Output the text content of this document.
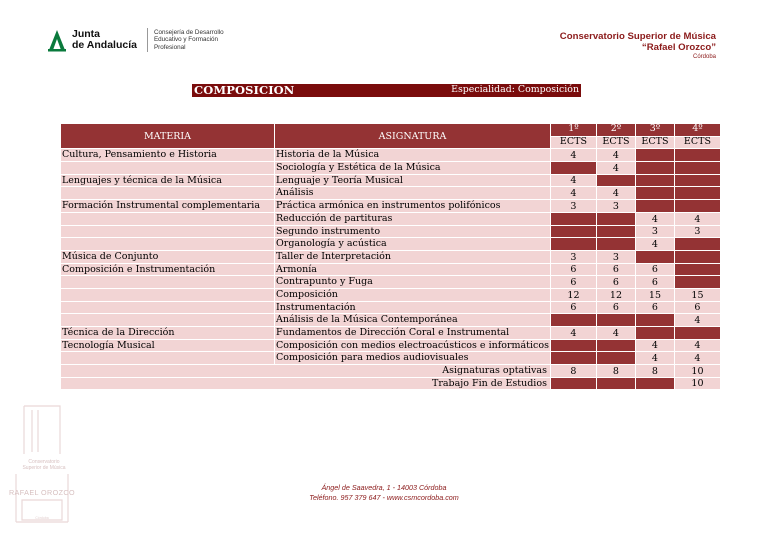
Junta
de Andalucía
Consejería de Desarrollo
Educativo y Formación
Profesional
Conservatorio Superior de Música
“Rafael Orozco”
Córdoba
COMPOSICION	Especialidad: Composición
MATERIA	ASIGNATURA	1º	2º	3º	4º
		ECTS	ECTS	ECTS	ECTS
Cultura, Pensamiento e Historia	Historia de la Música	4	4		
	Sociología y Estética de la Música		4		
Lenguajes y técnica de la Música	Lenguaje y Teoría Musical	4			
	Análisis	4	4		
Formación Instrumental complementaria	Práctica armónica en instrumentos polifónicos	3	3		
	Reducción de partituras			4	4
	Segundo instrumento			3	3
	Organología y acústica			4	
Música de Conjunto	Taller de Interpretación	3	3		
Composición e Instrumentación	Armonía	6	6	6	
	Contrapunto y Fuga	6	6	6	
	Composición	12	12	15	15
	Instrumentación	6	6	6	6
	Análisis de la Música Contemporánea				4
Técnica de la Dirección	Fundamentos de Dirección Coral e Instrumental	4	4		
Tecnología Musical	Composición con medios electroacústicos e informáticos			4	4
	Composición para medios audiovisuales			4	4
Asignaturas optativas		8	8	8	10
Trabajo Fin de Estudios					10
Conservatorio
Superior de Música
RAFAEL OROZCO
Córdoba
Ángel de Saavedra, 1 - 14003 Córdoba
Teléfono. 957 379 647 - www.csmcordoba.com
